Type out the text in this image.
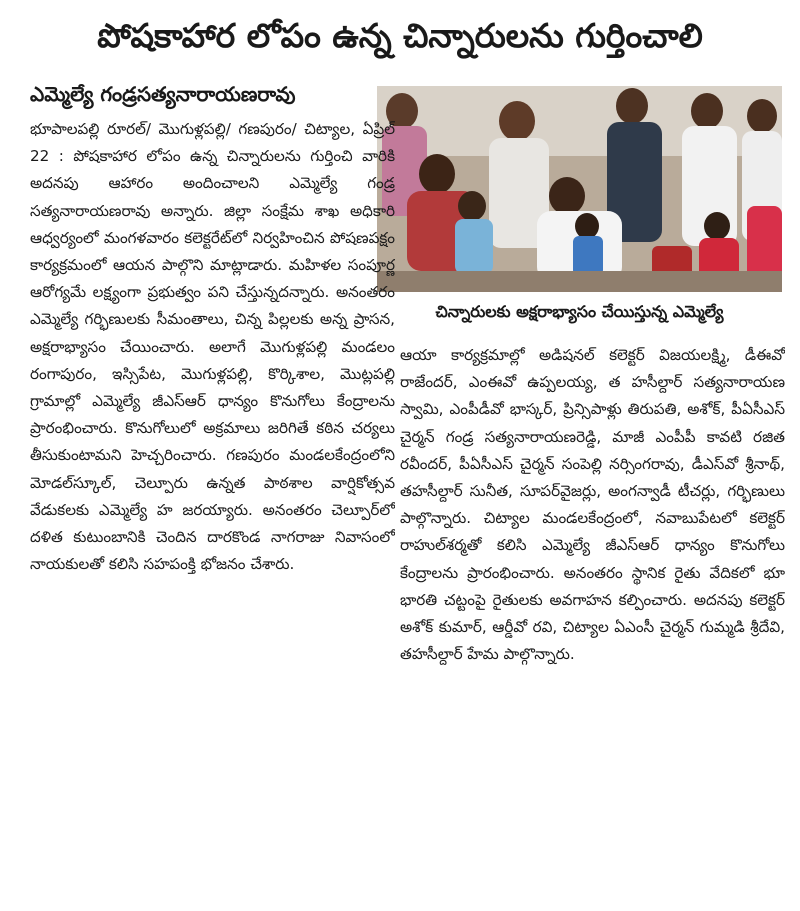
పోషకాహార లోపం ఉన్న చిన్నారులను గుర్తించాలి
ఎమ్మెల్యే గండ్రసత్యనారాయణరావు
చిన్నారులకు అక్షరాభ్యాసం చేయిస్తున్న ఎమ్మెల్యే

భూపాలపల్లి రూరల్/ మొగుళ్లపల్లి/ గణపురం/ చిట్యాల, ఏప్రిల్ 22 : పోషకాహార లోపం ఉన్న చిన్నారులను గుర్తించి వారికి అదనపు ఆహారం అందించాలని ఎమ్మెల్యే గండ్ర సత్యనారాయణరావు అన్నారు. జిల్లా సంక్షేమ శాఖ అధికారి ఆధ్వర్యంలో మంగళవారం కలెక్టరేట్‌లో నిర్వహించిన పోషణపక్షం కార్యక్రమంలో ఆయన పాల్గొని మాట్లాడారు. మహిళల సంపూర్ణ ఆరోగ్యమే లక్ష్యంగా ప్రభుత్వం పని చేస్తున్నదన్నారు. అనంతరం ఎమ్మెల్యే గర్భిణులకు సీమంతాలు, చిన్న పిల్లలకు అన్న ప్రాసన, అక్షరాభ్యాసం చేయించారు. అలాగే మొగుళ్లపల్లి మండలం రంగాపురం, ఇస్సిపేట, మొగుళ్లపల్లి, కొర్కిశాల, మొట్లపల్లి గ్రామాల్లో ఎమ్మెల్యే జీఎస్ఆర్ ధాన్యం కొనుగోలు కేంద్రాలను ప్రారంభించారు. కొనుగోలులో అక్రమాలు జరిగితే కఠిన చర్యలు తీసుకుంటామని హెచ్చరించారు. గణపురం మండలకేంద్రంలోని మోడల్‌స్కూల్, చెల్పూరు ఉన్నత పాఠశాల వార్షికోత్సవ వేడుకలకు ఎమ్మెల్యే హ జరయ్యారు. అనంతరం చెల్పూర్‌లో దళిత కుటుంబానికి చెందిన దారకొండ నాగరాజు నివాసంలో నాయకులతో కలిసి సహపంక్తి భోజనం చేశారు.

ఆయా కార్యక్రమాల్లో అడిషనల్ కలెక్టర్ విజయలక్ష్మి, డీఈవో రాజేందర్, ఎంఈవో ఉప్పలయ్య, త హసీల్దార్ సత్యనారాయణ స్వామి, ఎంపీడీవో భాస్కర్, ప్రిన్సిపాళ్లు తిరుపతి, అశోక్, పీఏసీఎస్ చైర్మన్ గండ్ర సత్యనారాయణరెడ్డి, మాజీ ఎంపీపీ కావటి రజిత రవీందర్, పీఏసీఎస్ చైర్మన్ సంపెల్లి నర్సింగరావు, డీఎస్‌వో శ్రీనాథ్, తహసీల్దార్ సునీత, సూపర్‌వైజర్లు, అంగన్వాడీ టీచర్లు, గర్భిణులు పాల్గొన్నారు. చిట్యాల మండలకేంద్రంలో, నవాబుపేటలో కలెక్టర్ రాహుల్‌శర్మతో కలిసి ఎమ్మెల్యే జీఎస్ఆర్ ధాన్యం కొనుగోలు కేంద్రాలను ప్రారంభించారు. అనంతరం స్థానిక రైతు వేదికలో భూ భారతి చట్టంపై రైతులకు అవగాహన కల్పించారు. అదనపు కలెక్టర్ అశోక్ కుమార్, ఆర్డీవో రవి, చిట్యాల ఏఎంసీ చైర్మన్ గుమ్మడి శ్రీదేవి, తహసీల్దార్ హేమ పాల్గొన్నారు.
